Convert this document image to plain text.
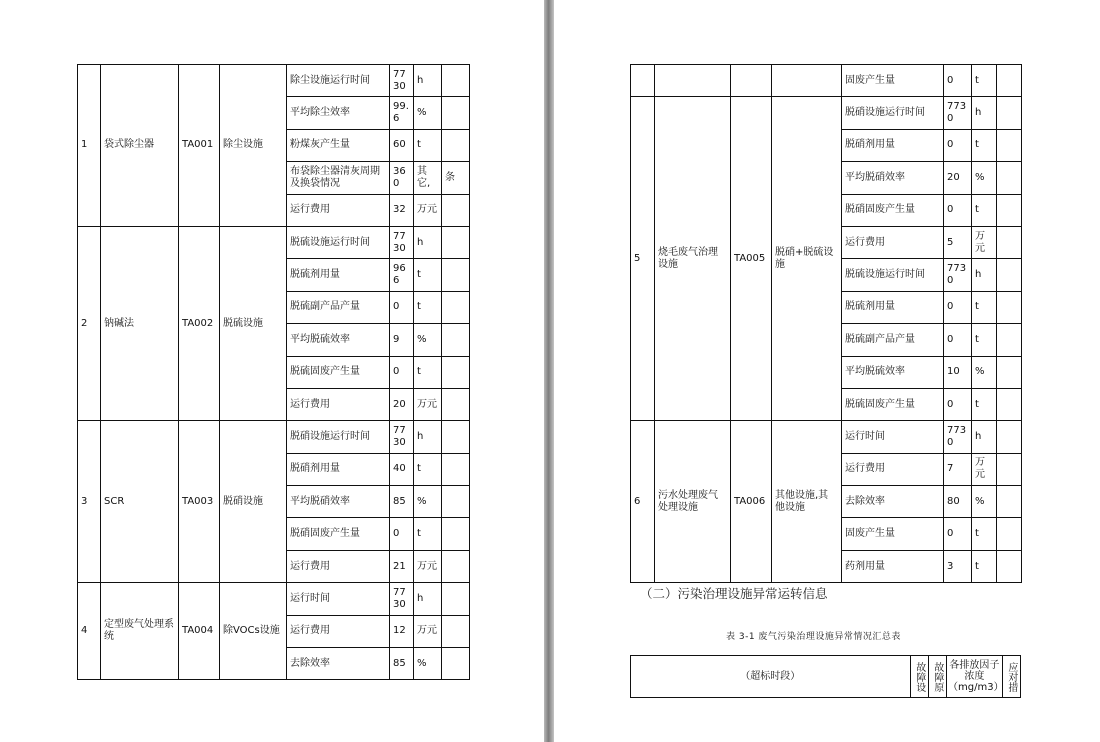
1	袋式除尘器	TA001	除尘设施	除尘设施运行时间	7730	h	
				平均除尘效率	99.6	%	
				粉煤灰产生量	60	t	
				布袋除尘器清灰周期及换袋情况	360	其它,	条
				运行费用	32	万元	
2	钠碱法	TA002	脱硫设施	脱硫设施运行时间	7730	h	
				脱硫剂用量	966	t	
				脱硫副产品产量	0	t	
				平均脱硫效率	9	%	
				脱硫固废产生量	0	t	
				运行费用	20	万元	
3	SCR	TA003	脱硝设施	脱硝设施运行时间	7730	h	
				脱硝剂用量	40	t	
				平均脱硝效率	85	%	
				脱硝固废产生量	0	t	
				运行费用	21	万元	
4	定型废气处理系统	TA004	除VOCs设施	运行时间	7730	h	
				运行费用	12	万元	
				去除效率	85	%	
				固废产生量	0	t	
5	烧毛废气治理设施	TA005	脱硝+脱硫设施	脱硝设施运行时间	7730	h	
				脱硝剂用量	0	t	
				平均脱硝效率	20	%	
				脱硝固废产生量	0	t	
				运行费用	5	万元	
				脱硫设施运行时间	7730	h	
				脱硫剂用量	0	t	
				脱硫副产品产量	0	t	
				平均脱硫效率	10	%	
				脱硫固废产生量	0	t	
6	污水处理废气处理设施	TA006	其他设施,其他设施	运行时间	7730	h	
				运行费用	7	万元	
				去除效率	80	%	
				固废产生量	0	t	
				药剂用量	3	t	
（二）污染治理设施异常运转信息
表 3-1 废气污染治理设施异常情况汇总表
（超标时段）	故障设	故障原	各排放因子浓度（mg/m3）	应对措
